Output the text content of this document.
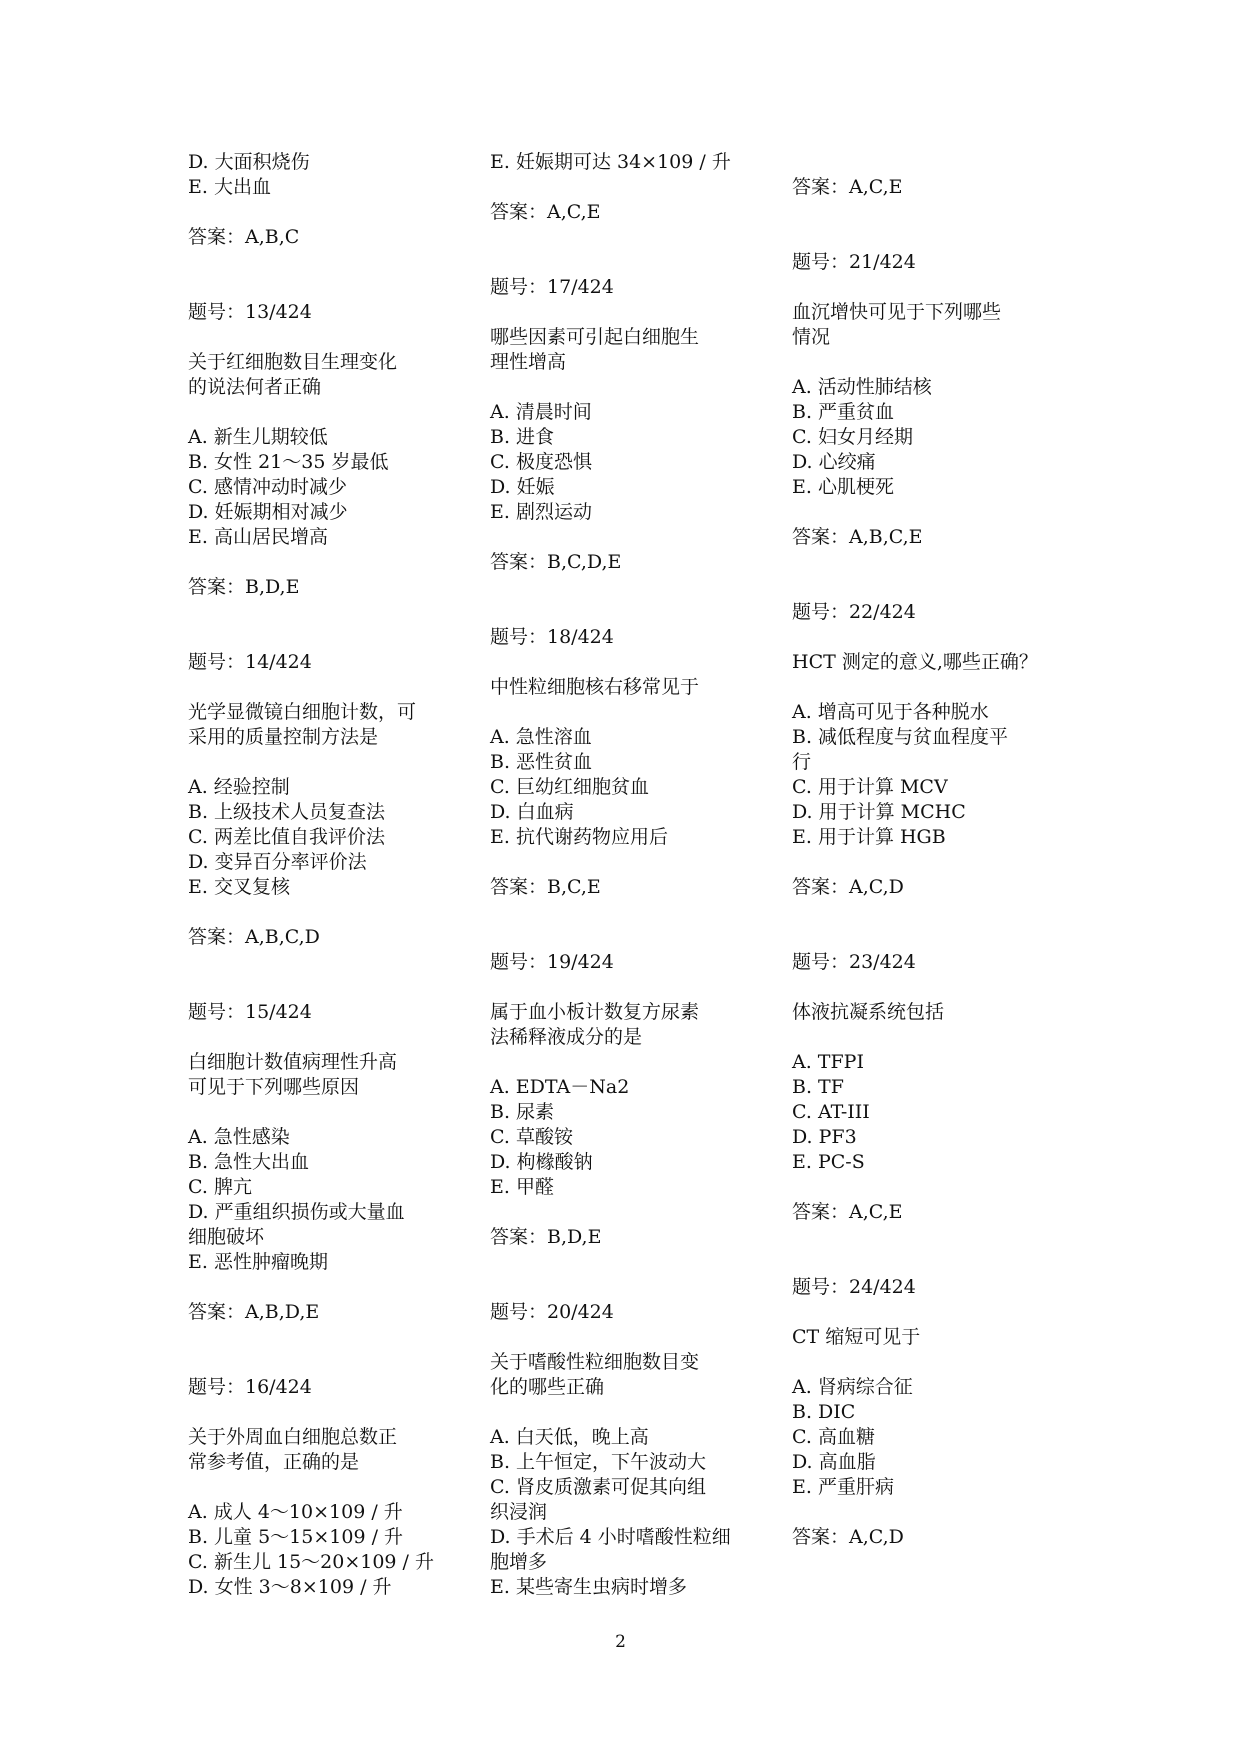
D. 大面积烧伤
E. 大出血
答案：A,B,C
题号：13/424
关于红细胞数目生理变化
的说法何者正确
A. 新生儿期较低
B. 女性 21～35 岁最低
C. 感情冲动时减少
D. 妊娠期相对减少
E. 高山居民增高
答案：B,D,E
题号：14/424
光学显微镜白细胞计数，可
采用的质量控制方法是
A. 经验控制
B. 上级技术人员复查法
C. 两差比值自我评价法
D. 变异百分率评价法
E. 交叉复核
答案：A,B,C,D
题号：15/424
白细胞计数值病理性升高
可见于下列哪些原因
A. 急性感染
B. 急性大出血
C. 脾亢
D. 严重组织损伤或大量血
细胞破坏
E. 恶性肿瘤晚期
答案：A,B,D,E
题号：16/424
关于外周血白细胞总数正
常参考值，正确的是
A. 成人 4～10×109 / 升
B. 儿童 5～15×109 / 升
C. 新生儿 15～20×109 / 升
D. 女性 3～8×109 / 升
E. 妊娠期可达 34×109 / 升
答案：A,C,E
题号：17/424
哪些因素可引起白细胞生
理性增高
A. 清晨时间
B. 进食
C. 极度恐惧
D. 妊娠
E. 剧烈运动
答案：B,C,D,E
题号：18/424
中性粒细胞核右移常见于
A. 急性溶血
B. 恶性贫血
C. 巨幼红细胞贫血
D. 白血病
E. 抗代谢药物应用后
答案：B,C,E
题号：19/424
属于血小板计数复方尿素
法稀释液成分的是
A. EDTA－Na2
B. 尿素
C. 草酸铵
D. 枸橼酸钠
E. 甲醛
答案：B,D,E
题号：20/424
关于嗜酸性粒细胞数目变
化的哪些正确
A. 白天低，晚上高
B. 上午恒定，下午波动大
C. 肾皮质激素可促其向组
织浸润
D. 手术后 4 小时嗜酸性粒细
胞增多
E. 某些寄生虫病时增多
答案：A,C,E
题号：21/424
血沉增快可见于下列哪些
情况
A. 活动性肺结核
B. 严重贫血
C. 妇女月经期
D. 心绞痛
E. 心肌梗死
答案：A,B,C,E
题号：22/424
HCT 测定的意义,哪些正确？
A. 增高可见于各种脱水
B. 减低程度与贫血程度平
行
C. 用于计算 MCV
D. 用于计算 MCHC
E. 用于计算 HGB
答案：A,C,D
题号：23/424
体液抗凝系统包括
A. TFPI
B. TF
C. AT-III
D. PF3
E. PC-S
答案：A,C,E
题号：24/424
CT 缩短可见于
A. 肾病综合征
B. DIC
C. 高血糖
D. 高血脂
E. 严重肝病
答案：A,C,D
2
